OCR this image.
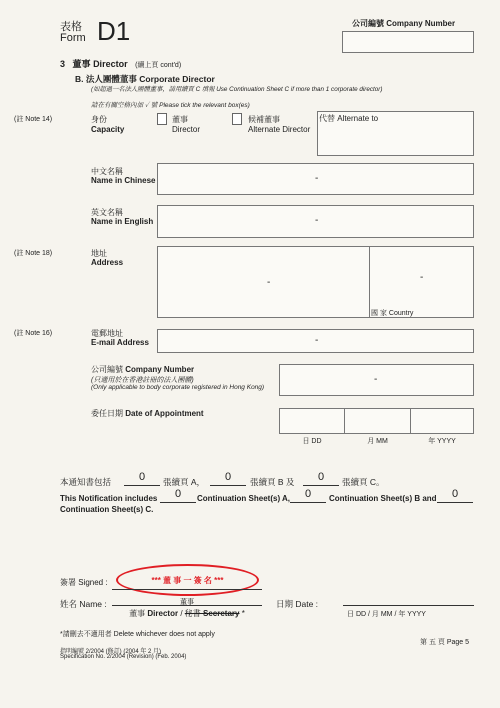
表格
Form D1	公司編號 Company Number
3 董事 Director (續上頁 cont'd)
B. 法人團體董事 Corporate Director
(如超過一名法人團體董事，請用續頁 C 填報 Use Continuation Sheet C if more than 1 corporate director)
請在有關空格內加 ✓ 號 Please tick the relevant box(es)
(註 Note 14)	身份
Capacity
董事
Director
候補董事
Alternate Director
代替 Alternate to
中文名稱
Name in Chinese	-
英文名稱
Name in English	-
(註 Note 18)	地址
Address
-	-
國 家 Country
(註 Note 16)	電郵地址
E-mail Address	-
公司編號 Company Number
(只適用於在香港註冊的法人團體)
(Only applicable to body corporate registered in Hong Kong)
-
委任日期 Date of Appointment
日 DD	月 MM	年 YYYY
本通知書包括	0	張續頁 A，	0	張續頁 B 及	0	張續頁 C。
This Notification includes	0	Continuation Sheet(s) A,	0	Continuation Sheet(s) B and	0
Continuation Sheet(s) C.
簽署 Signed :	*** 董 事 一 簽 名 ***
姓名 Name :	董事
董事 Director / 秘書 Secretary *
日期 Date :
日 DD / 月 MM / 年 YYYY
*請刪去不適用者 Delete whichever does not apply
第 五 頁 Page 5
指明編號 2/2004 (修訂) (2004 年 2 月)
Specification No. 2/2004 (Revision) (Feb. 2004)
